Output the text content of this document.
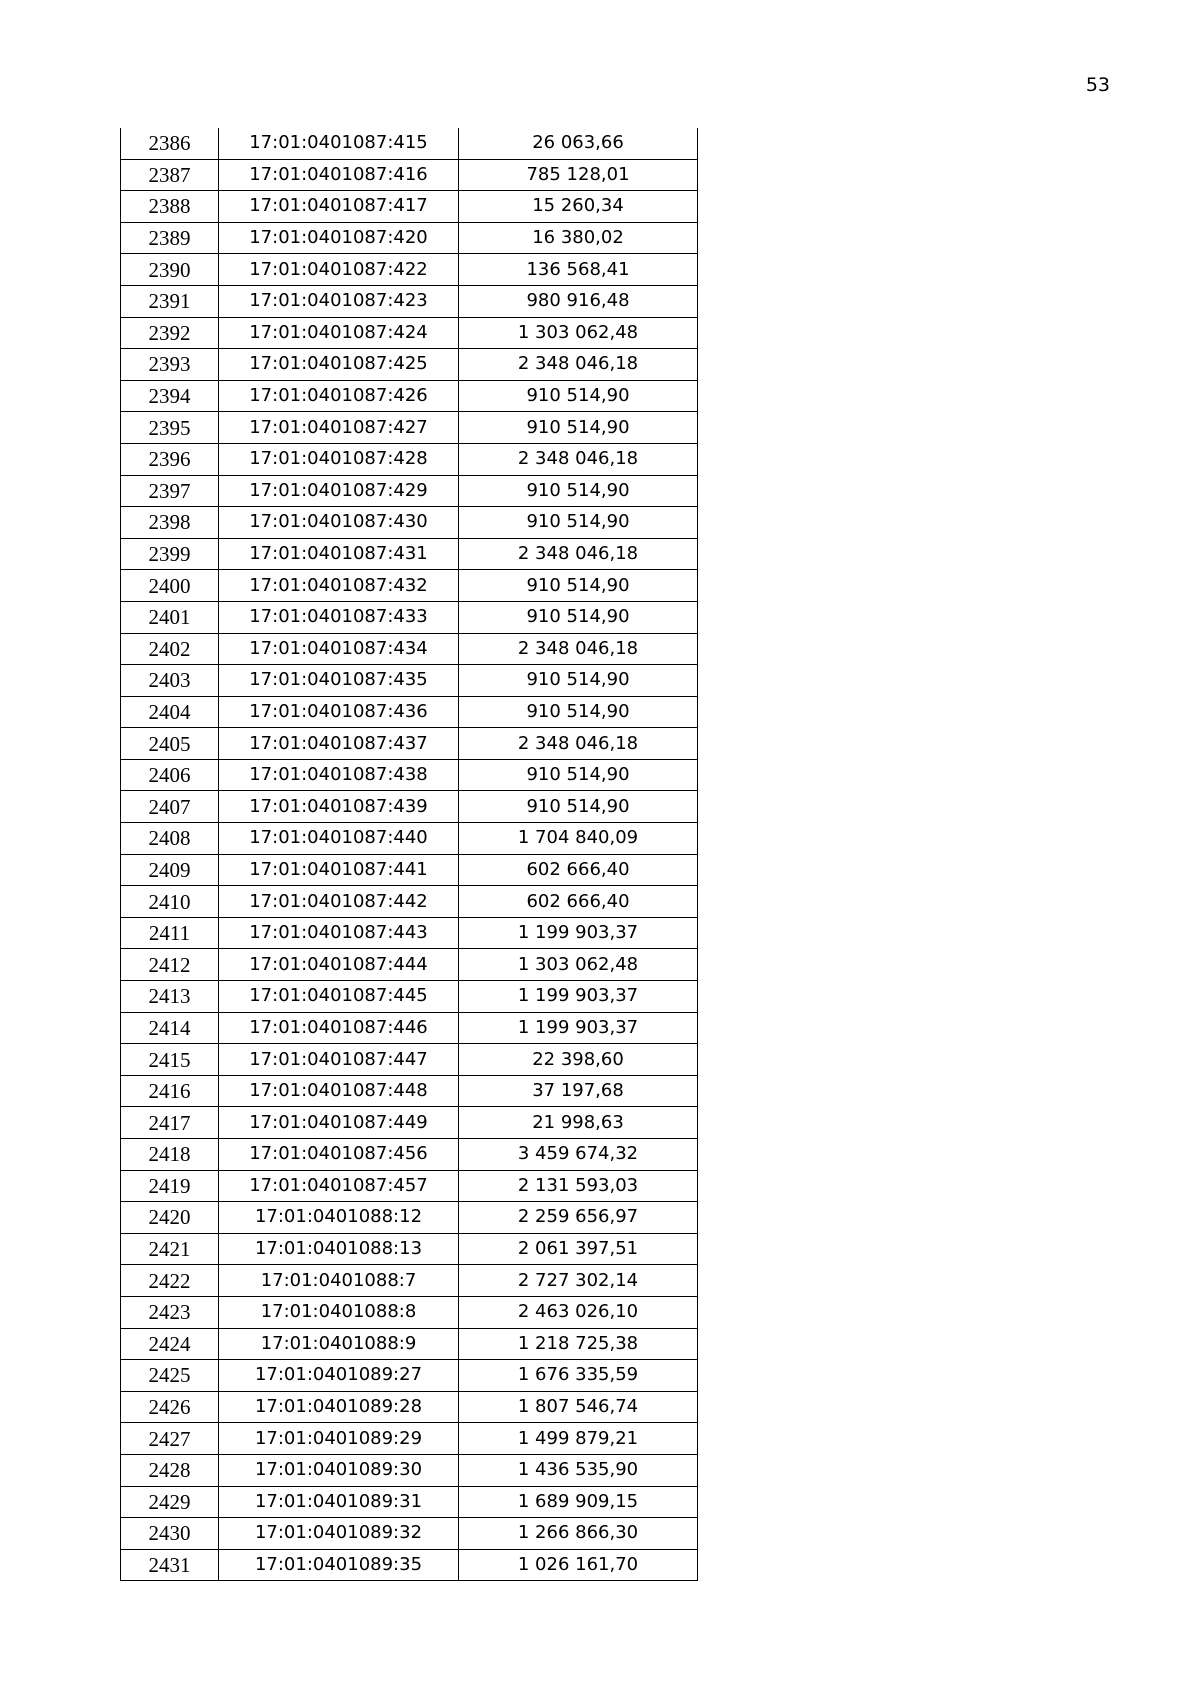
53
2386	17:01:0401087:415	26 063,66
2387	17:01:0401087:416	785 128,01
2388	17:01:0401087:417	15 260,34
2389	17:01:0401087:420	16 380,02
2390	17:01:0401087:422	136 568,41
2391	17:01:0401087:423	980 916,48
2392	17:01:0401087:424	1 303 062,48
2393	17:01:0401087:425	2 348 046,18
2394	17:01:0401087:426	910 514,90
2395	17:01:0401087:427	910 514,90
2396	17:01:0401087:428	2 348 046,18
2397	17:01:0401087:429	910 514,90
2398	17:01:0401087:430	910 514,90
2399	17:01:0401087:431	2 348 046,18
2400	17:01:0401087:432	910 514,90
2401	17:01:0401087:433	910 514,90
2402	17:01:0401087:434	2 348 046,18
2403	17:01:0401087:435	910 514,90
2404	17:01:0401087:436	910 514,90
2405	17:01:0401087:437	2 348 046,18
2406	17:01:0401087:438	910 514,90
2407	17:01:0401087:439	910 514,90
2408	17:01:0401087:440	1 704 840,09
2409	17:01:0401087:441	602 666,40
2410	17:01:0401087:442	602 666,40
2411	17:01:0401087:443	1 199 903,37
2412	17:01:0401087:444	1 303 062,48
2413	17:01:0401087:445	1 199 903,37
2414	17:01:0401087:446	1 199 903,37
2415	17:01:0401087:447	22 398,60
2416	17:01:0401087:448	37 197,68
2417	17:01:0401087:449	21 998,63
2418	17:01:0401087:456	3 459 674,32
2419	17:01:0401087:457	2 131 593,03
2420	17:01:0401088:12	2 259 656,97
2421	17:01:0401088:13	2 061 397,51
2422	17:01:0401088:7	2 727 302,14
2423	17:01:0401088:8	2 463 026,10
2424	17:01:0401088:9	1 218 725,38
2425	17:01:0401089:27	1 676 335,59
2426	17:01:0401089:28	1 807 546,74
2427	17:01:0401089:29	1 499 879,21
2428	17:01:0401089:30	1 436 535,90
2429	17:01:0401089:31	1 689 909,15
2430	17:01:0401089:32	1 266 866,30
2431	17:01:0401089:35	1 026 161,70
